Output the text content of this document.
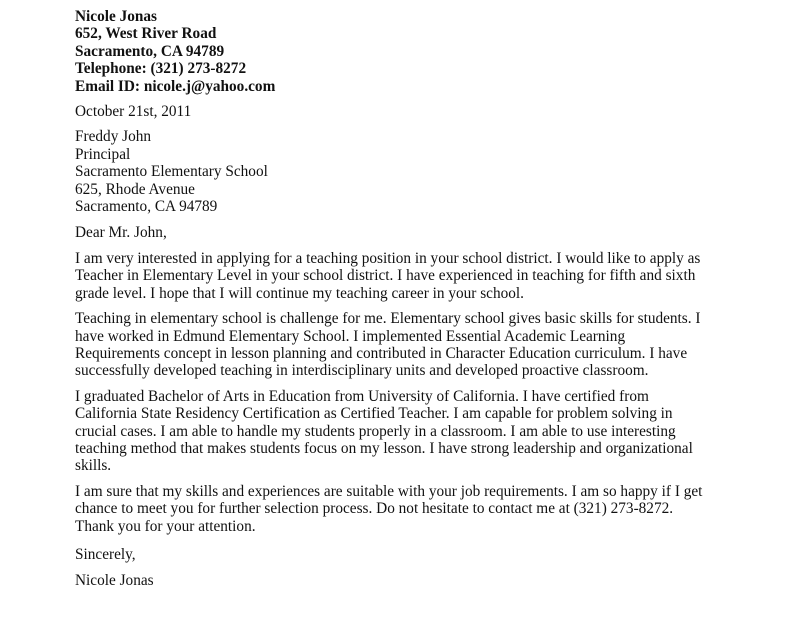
Nicole Jonas
652, West River Road
Sacramento, CA 94789
Telephone: (321) 273-8272
Email ID: nicole.j@yahoo.com
October 21st, 2011
Freddy John
Principal
Sacramento Elementary School
625, Rhode Avenue
Sacramento, CA 94789
Dear Mr. John,
I am very interested in applying for a teaching position in your school district. I would like to apply as
Teacher in Elementary Level in your school district. I have experienced in teaching for fifth and sixth
grade level. I hope that I will continue my teaching career in your school.
Teaching in elementary school is challenge for me. Elementary school gives basic skills for students. I
have worked in Edmund Elementary School. I implemented Essential Academic Learning
Requirements concept in lesson planning and contributed in Character Education curriculum. I have
successfully developed teaching in interdisciplinary units and developed proactive classroom.
I graduated Bachelor of Arts in Education from University of California. I have certified from
California State Residency Certification as Certified Teacher. I am capable for problem solving in
crucial cases. I am able to handle my students properly in a classroom. I am able to use interesting
teaching method that makes students focus on my lesson. I have strong leadership and organizational
skills.
I am sure that my skills and experiences are suitable with your job requirements. I am so happy if I get
chance to meet you for further selection process. Do not hesitate to contact me at (321) 273-8272.
Thank you for your attention.
Sincerely,
Nicole Jonas
